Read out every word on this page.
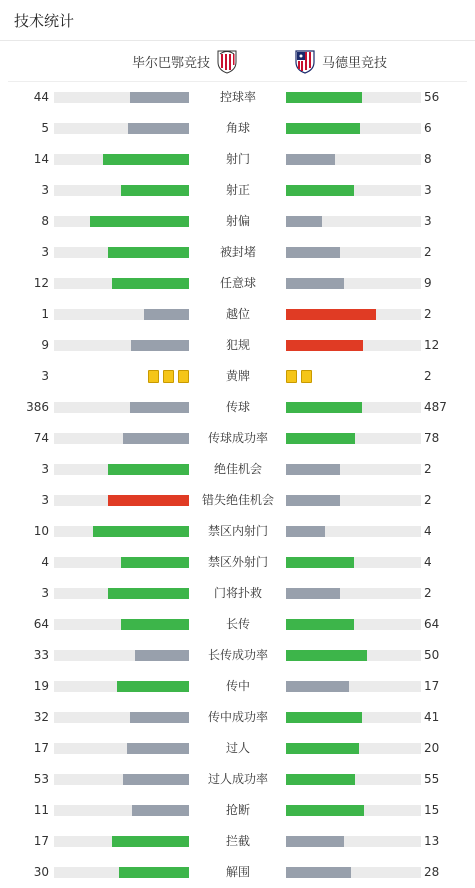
技术统计
毕尔巴鄂竞技	马德里竞技
44	控球率	56
5	角球	6
14	射门	8
3	射正	3
8	射偏	3
3	被封堵	2
12	任意球	9
1	越位	2
9	犯规	12
3	黄牌	2
386	传球	487
74	传球成功率	78
3	绝佳机会	2
3	错失绝佳机会	2
10	禁区内射门	4
4	禁区外射门	4
3	门将扑救	2
64	长传	64
33	长传成功率	50
19	传中	17
32	传中成功率	41
17	过人	20
53	过人成功率	55
11	抢断	15
17	拦截	13
30	解围	28
